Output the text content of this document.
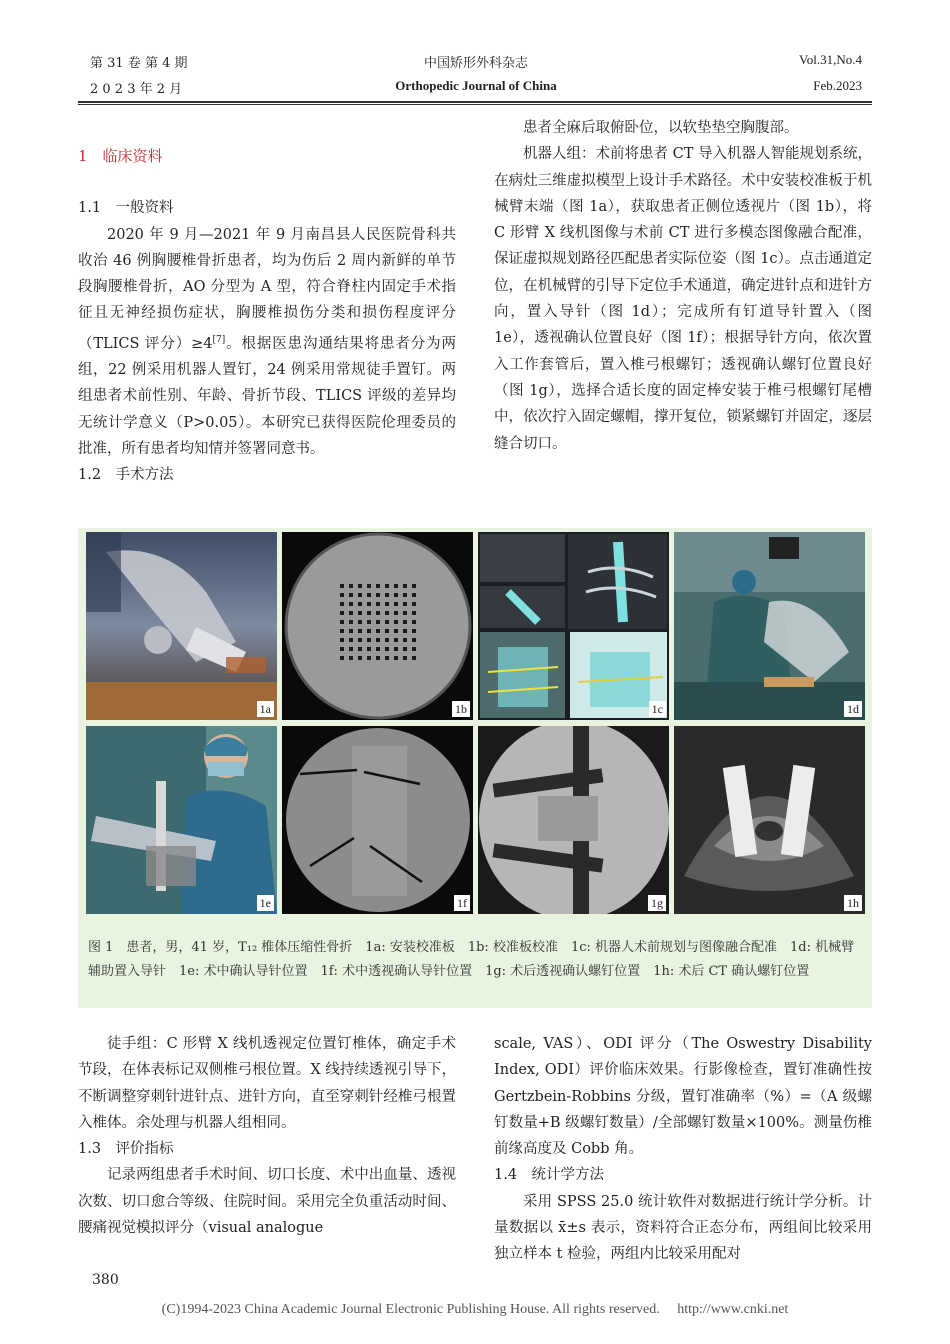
第 31 卷 第 4 期	中国矫形外科杂志	Vol.31,No.4
2 0 2 3 年 2 月	Orthopedic Journal of China	Feb.2023
1　临床资料
1.1　一般资料

2020 年 9 月—2021 年 9 月南昌县人民医院骨科共收治 46 例胸腰椎骨折患者，均为伤后 2 周内新鲜的单节段胸腰椎骨折，AO 分型为 A 型，符合脊柱内固定手术指征且无神经损伤症状，胸腰椎损伤分类和损伤程度评分（TLICS 评分）≥4[7]。根据医患沟通结果将患者分为两组，22 例采用机器人置钉，24 例采用常规徒手置钉。两组患者术前性别、年龄、骨折节段、TLICS 评级的差异均无统计学意义（P>0.05）。本研究已获得医院伦理委员的批准，所有患者均知情并签署同意书。

1.2　手术方法

患者全麻后取俯卧位，以软垫垫空胸腹部。

机器人组：术前将患者 CT 导入机器人智能规划系统，在病灶三维虚拟模型上设计手术路径。术中安装校准板于机械臂末端（图 1a），获取患者正侧位透视片（图 1b），将 C 形臂 X 线机图像与术前 CT 进行多模态图像融合配准，保证虚拟规划路径匹配患者实际位姿（图 1c）。点击通道定位，在机械臂的引导下定位手术通道，确定进针点和进针方向，置入导针（图 1d）；完成所有钉道导针置入（图 1e），透视确认位置良好（图 1f）；根据导针方向，依次置入工作套管后，置入椎弓根螺钉；透视确认螺钉位置良好（图 1g），选择合适长度的固定棒安装于椎弓根螺钉尾槽中，依次拧入固定螺帽，撑开复位，锁紧螺钉并固定，逐层缝合切口。

1a	1b	1c	1d
1e	1f	1g	1h
图 1　患者，男，41 岁，T₁₂ 椎体压缩性骨折　1a: 安装校准板　1b: 校准板校准　1c: 机器人术前规划与图像融合配准　1d: 机械臂辅助置入导针　1e: 术中确认导针位置　1f: 术中透视确认导针位置　1g: 术后透视确认螺钉位置　1h: 术后 CT 确认螺钉位置

徒手组：C 形臂 X 线机透视定位置钉椎体，确定手术节段，在体表标记双侧椎弓根位置。X 线持续透视引导下，不断调整穿刺针进针点、进针方向，直至穿刺针经椎弓根置入椎体。余处理与机器人组相同。

1.3　评价指标

记录两组患者手术时间、切口长度、术中出血量、透视次数、切口愈合等级、住院时间。采用完全负重活动时间、腰痛视觉模拟评分（visual analogue

scale, VAS）、ODI 评分（The Oswestry Disability Index, ODI）评价临床效果。行影像检查，置钉准确性按 Gertzbein-Robbins 分级，置钉准确率（%）=（A 级螺钉数量+B 级螺钉数量）/全部螺钉数量×100%。测量伤椎前缘高度及 Cobb 角。

1.4　统计学方法

采用 SPSS 25.0 统计软件对数据进行统计学分析。计量数据以 x̄±s 表示，资料符合正态分布，两组间比较采用独立样本 t 检验，两组内比较采用配对

380
(C)1994-2023 China Academic Journal Electronic Publishing House. All rights reserved.　 http://www.cnki.net
